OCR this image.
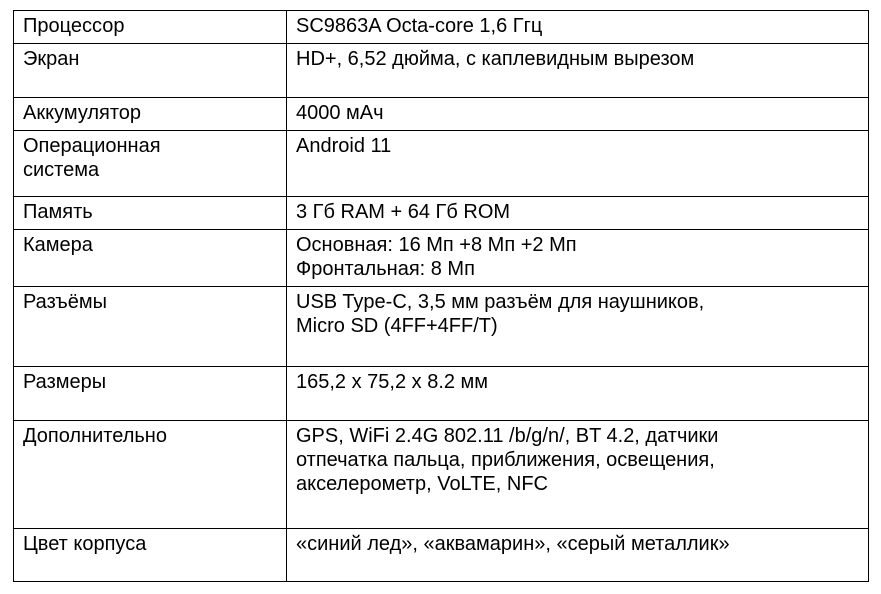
Процессор	SC9863A Octa-core 1,6 Ггц

Экран	HD+, 6,52 дюйма, с каплевидным вырезом

Аккумулятор	4000 мАч

Операционная
система	Android 11

Память	3 Гб RAM + 64 Гб ROM

Камера	Основная: 16 Мп +8 Мп +2 Мп
Фронтальная: 8 Мп

Разъёмы	USB Type-C, 3,5 мм разъём для наушников,
Micro SD (4FF+4FF/T)

Размеры	165,2 x 75,2 x 8.2 мм

Дополнительно	GPS, WiFi 2.4G 802.11 /b/g/n/, BT 4.2, датчики
отпечатка пальца, приближения, освещения,
акселерометр, VoLTE, NFC

Цвет корпуса	«синий лед», «аквамарин», «серый металлик»
